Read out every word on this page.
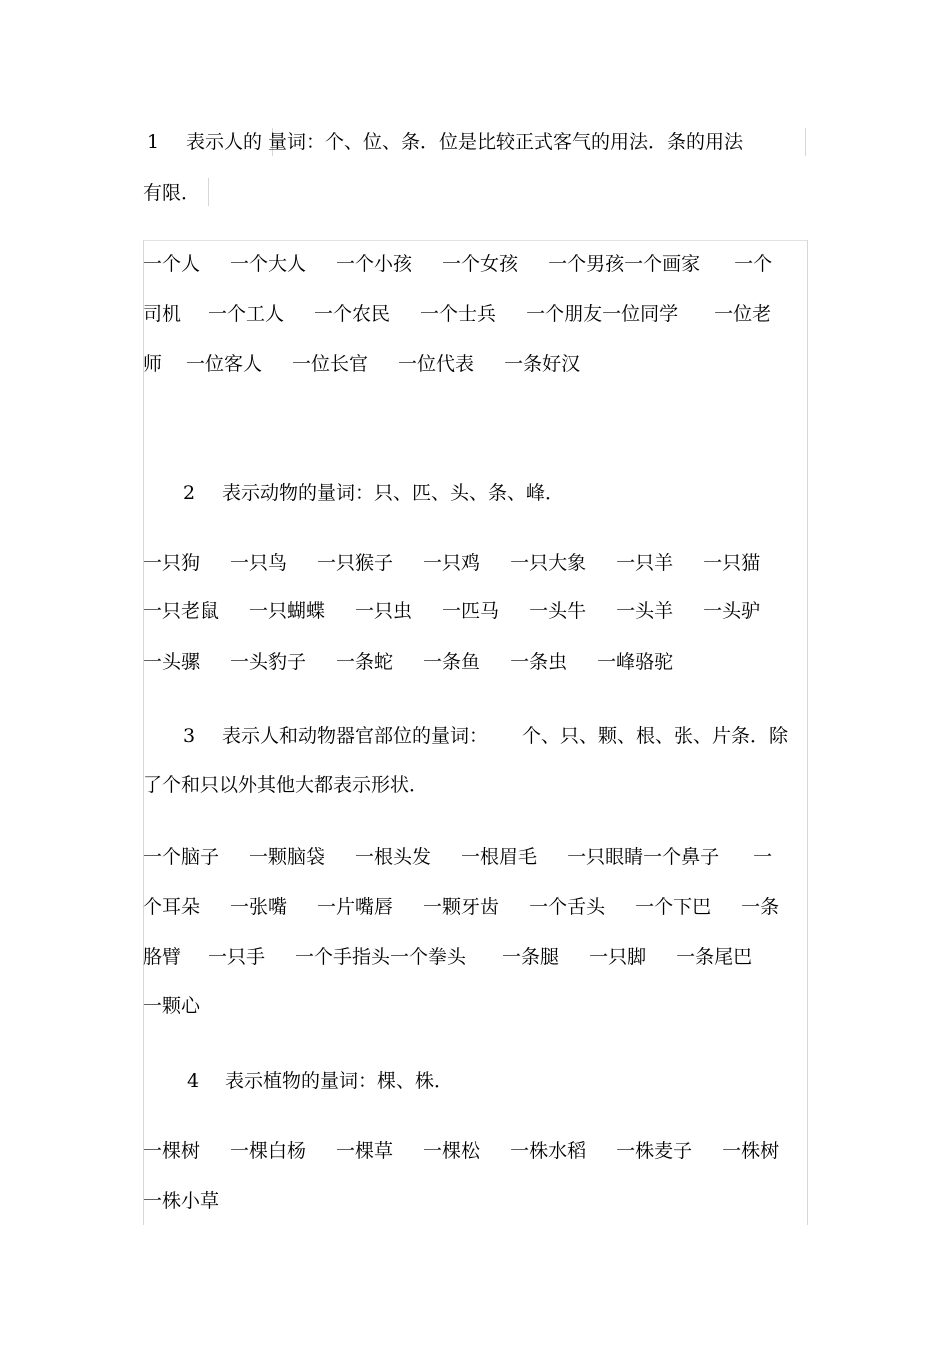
1 表示人的 量词：个、位、条．位是比较正式客气的用法．条的用法
有限．
一个人 一个大人 一个小孩 一个女孩 一个男孩一个画家 一个
司机 一个工人 一个农民 一个士兵 一个朋友一位同学 一位老
师 一位客人 一位长官 一位代表 一条好汉
2 表示动物的量词：只、匹、头、条、峰．
一只狗 一只鸟 一只猴子 一只鸡 一只大象 一只羊 一只猫
一只老鼠 一只蝴蝶 一只虫 一匹马 一头牛 一头羊 一头驴
一头骡 一头豹子 一条蛇 一条鱼 一条虫 一峰骆驼
3 表示人和动物器官部位的量词： 个、只、颗、根、张、片条．除
了个和只以外其他大都表示形状．
一个脑子 一颗脑袋 一根头发 一根眉毛 一只眼睛一个鼻子 一
个耳朵 一张嘴 一片嘴唇 一颗牙齿 一个舌头 一个下巴 一条
胳臂 一只手 一个手指头一个拳头 一条腿 一只脚 一条尾巴
一颗心
4 表示植物的量词：棵、株．
一棵树 一棵白杨 一棵草 一棵松 一株水稻 一株麦子 一株树
一株小草
